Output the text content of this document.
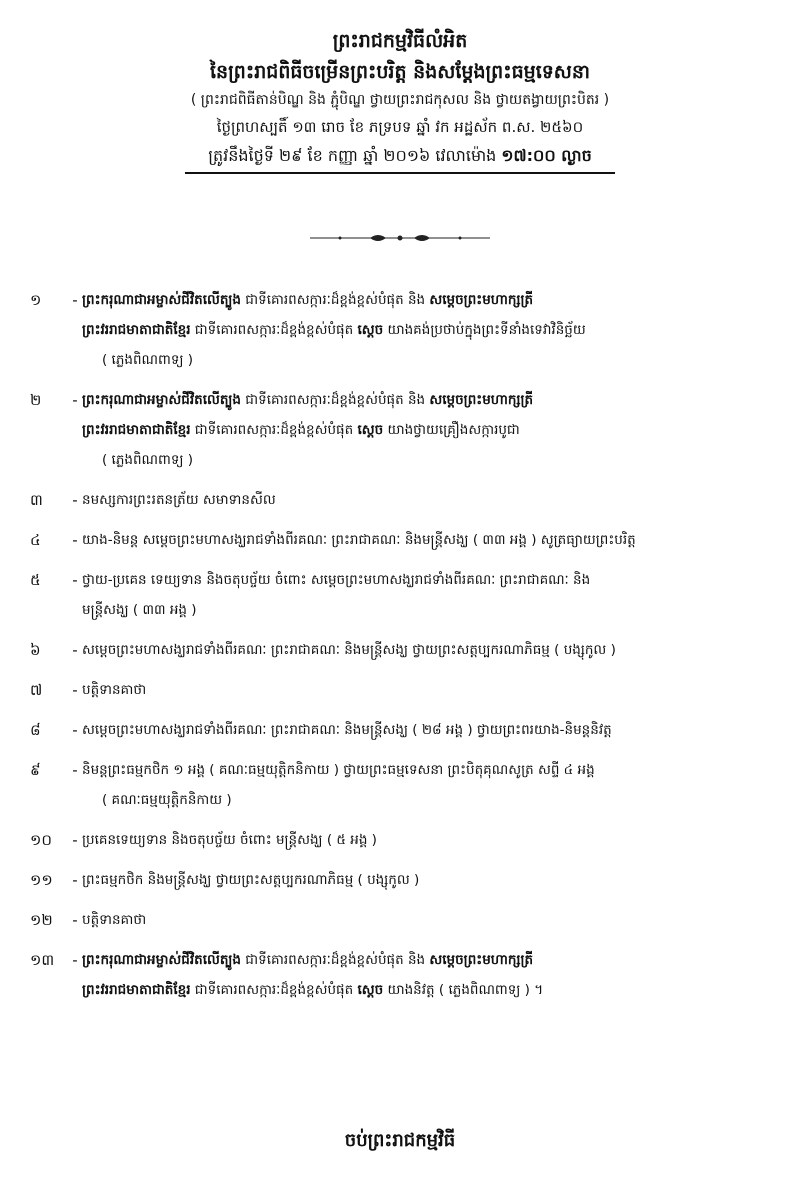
ព្រះរាជកម្មវិធីលំអិត
នៃព្រះរាជពិធីចម្រើនព្រះបរិត្ត និងសម្ដែងព្រះធម្មទេសនា
( ព្រះរាជពិធីតាន់បិណ្ឌ និង ភ្ជុំបិណ្ឌ ថ្វាយព្រះរាជកុសល និង ថ្វាយតង្វាយព្រះបិតរ )
ថ្ងៃព្រហស្បតិ៍ ១៣ រោច ខែ ភទ្របទ ឆ្នាំ វក អដ្ឋស័ក ព.ស. ២៥៦០
ត្រូវនឹងថ្ងៃទី ២៩ ខែ កញ្ញា ឆ្នាំ ២០១៦ វេលាម៉ោង ១៧:០០ ល្ងាច
១	- ព្រះករុណាជាអម្ចាស់ជីវិតលើត្បូង ជាទីគោរពសក្ការៈដ៏ខ្ពង់ខ្ពស់បំផុត និង សម្ដេចព្រះមហាក្សត្រី
ព្រះវររាជមាតាជាតិខ្មែរ ជាទីគោរពសក្ការៈដ៏ខ្ពង់ខ្ពស់បំផុត ស្ដេច យាងគង់ប្រថាប់ក្នុងព្រះទីនាំងទេវាវិនិច្ឆ័យ
( ភ្លេងពិណពាទ្យ )
២	- ព្រះករុណាជាអម្ចាស់ជីវិតលើត្បូង ជាទីគោរពសក្ការៈដ៏ខ្ពង់ខ្ពស់បំផុត និង សម្ដេចព្រះមហាក្សត្រី
ព្រះវររាជមាតាជាតិខ្មែរ ជាទីគោរពសក្ការៈដ៏ខ្ពង់ខ្ពស់បំផុត ស្ដេច យាងថ្វាយគ្រឿងសក្ការបូជា
( ភ្លេងពិណពាទ្យ )
៣	- នមស្សការព្រះរតនត្រ័យ សមាទានសីល
៤	- យាង-និមន្ត សម្ដេចព្រះមហាសង្ឃរាជទាំងពីរគណៈ ព្រះរាជាគណៈ និងមន្ត្រីសង្ឃ ( ៣៣ អង្គ ) សូត្រធ្យាយព្រះបរិត្ត
៥	- ថ្វាយ-ប្រគេន ទេយ្យទាន និងចតុបច្ច័យ ចំពោះ សម្ដេចព្រះមហាសង្ឃរាជទាំងពីរគណៈ ព្រះរាជាគណៈ និង
មន្ត្រីសង្ឃ ( ៣៣ អង្គ )
៦	- សម្ដេចព្រះមហាសង្ឃរាជទាំងពីរគណៈ ព្រះរាជាគណៈ និងមន្ត្រីសង្ឃ ថ្វាយព្រះសត្តប្បករណាភិធម្ម ( បង្សុកូល )
៧	- បត្តិទានគាថា
៨	- សម្ដេចព្រះមហាសង្ឃរាជទាំងពីរគណៈ ព្រះរាជាគណៈ និងមន្ត្រីសង្ឃ ( ២៨ អង្គ ) ថ្វាយព្រះពរយាង-និមន្តនិវត្ត
៩	- និមន្តព្រះធម្មកថិក ១ អង្គ ( គណៈធម្មយុត្តិកនិកាយ ) ថ្វាយព្រះធម្មទេសនា ព្រះបិតុគុណសូត្រ សព្ទី ៤ អង្គ
( គណៈធម្មយុត្តិកនិកាយ )
១០	- ប្រគេនទេយ្យទាន និងចតុបច្ច័យ ចំពោះ មន្ត្រីសង្ឃ ( ៥ អង្គ )
១១	- ព្រះធម្មកថិក និងមន្ត្រីសង្ឃ ថ្វាយព្រះសត្តប្បករណាភិធម្ម ( បង្សុកូល )
១២	- បត្តិទានគាថា
១៣	- ព្រះករុណាជាអម្ចាស់ជីវិតលើត្បូង ជាទីគោរពសក្ការៈដ៏ខ្ពង់ខ្ពស់បំផុត និង សម្ដេចព្រះមហាក្សត្រី
ព្រះវររាជមាតាជាតិខ្មែរ ជាទីគោរពសក្ការៈដ៏ខ្ពង់ខ្ពស់បំផុត ស្ដេច យាងនិវត្ត ( ភ្លេងពិណពាទ្យ ) ។
ចប់ព្រះរាជកម្មវិធី
